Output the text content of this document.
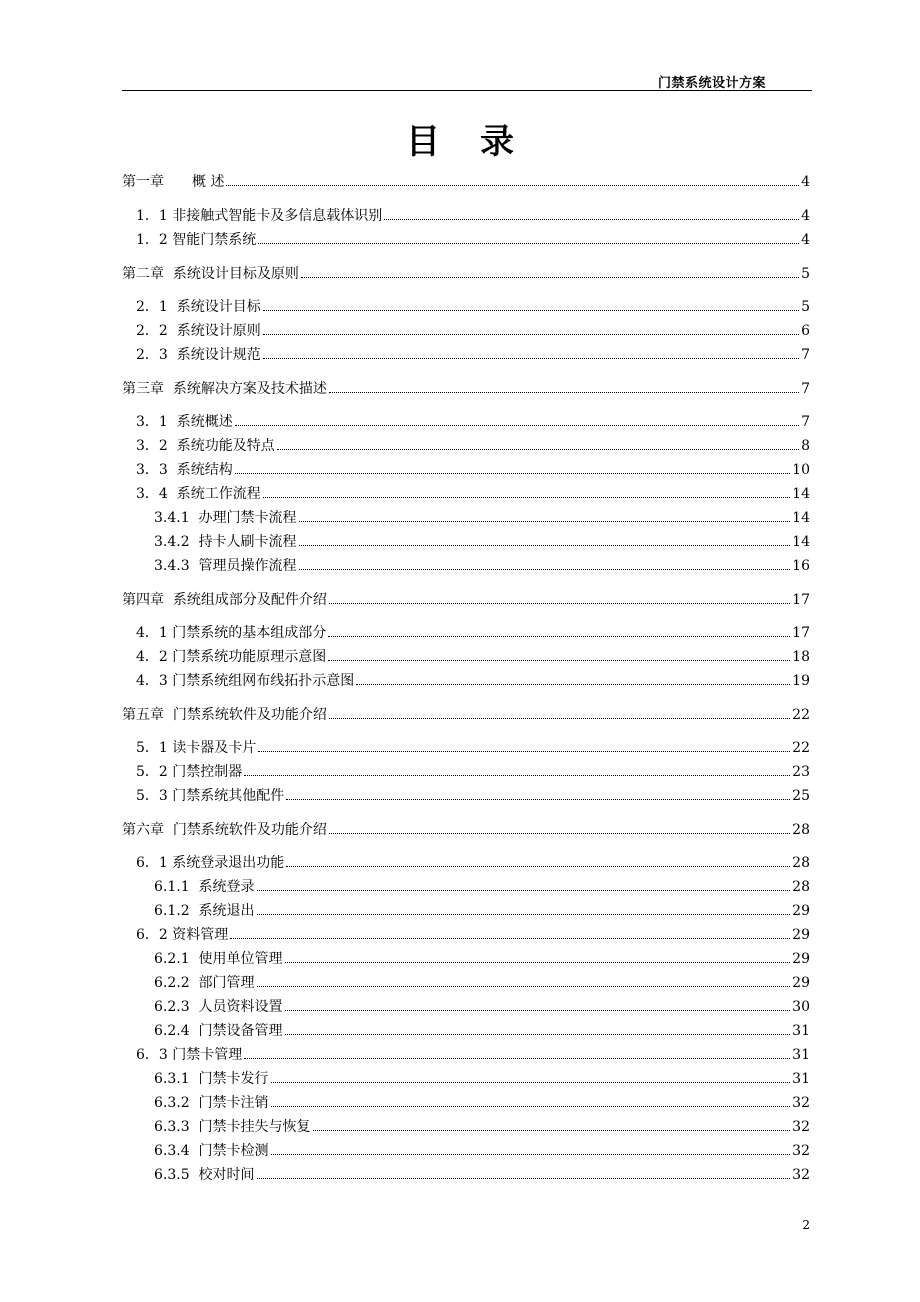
门禁系统设计方案
目录
第一章　　概 述	4
1．1 非接触式智能卡及多信息载体识别	4
1．2 智能门禁系统	4
第二章  系统设计目标及原则	5
2．1  系统设计目标	5
2．2  系统设计原则	6
2．3  系统设计规范	7
第三章  系统解决方案及技术描述	7
3．1  系统概述	7
3．2  系统功能及特点	8
3．3  系统结构	10
3．4  系统工作流程	14
3.4.1  办理门禁卡流程	14
3.4.2  持卡人刷卡流程	14
3.4.3  管理员操作流程	16
第四章  系统组成部分及配件介绍	17
4．1 门禁系统的基本组成部分	17
4．2 门禁系统功能原理示意图	18
4．3 门禁系统组网布线拓扑示意图	19
第五章  门禁系统软件及功能介绍	22
5．1 读卡器及卡片	22
5．2 门禁控制器	23
5．3 门禁系统其他配件	25
第六章  门禁系统软件及功能介绍	28
6．1 系统登录退出功能	28
6.1.1  系统登录	28
6.1.2  系统退出	29
6．2 资料管理	29
6.2.1  使用单位管理	29
6.2.2  部门管理	29
6.2.3  人员资料设置	30
6.2.4  门禁设备管理	31
6．3 门禁卡管理	31
6.3.1  门禁卡发行	31
6.3.2  门禁卡注销	32
6.3.3  门禁卡挂失与恢复	32
6.3.4  门禁卡检测	32
6.3.5  校对时间	32
2
